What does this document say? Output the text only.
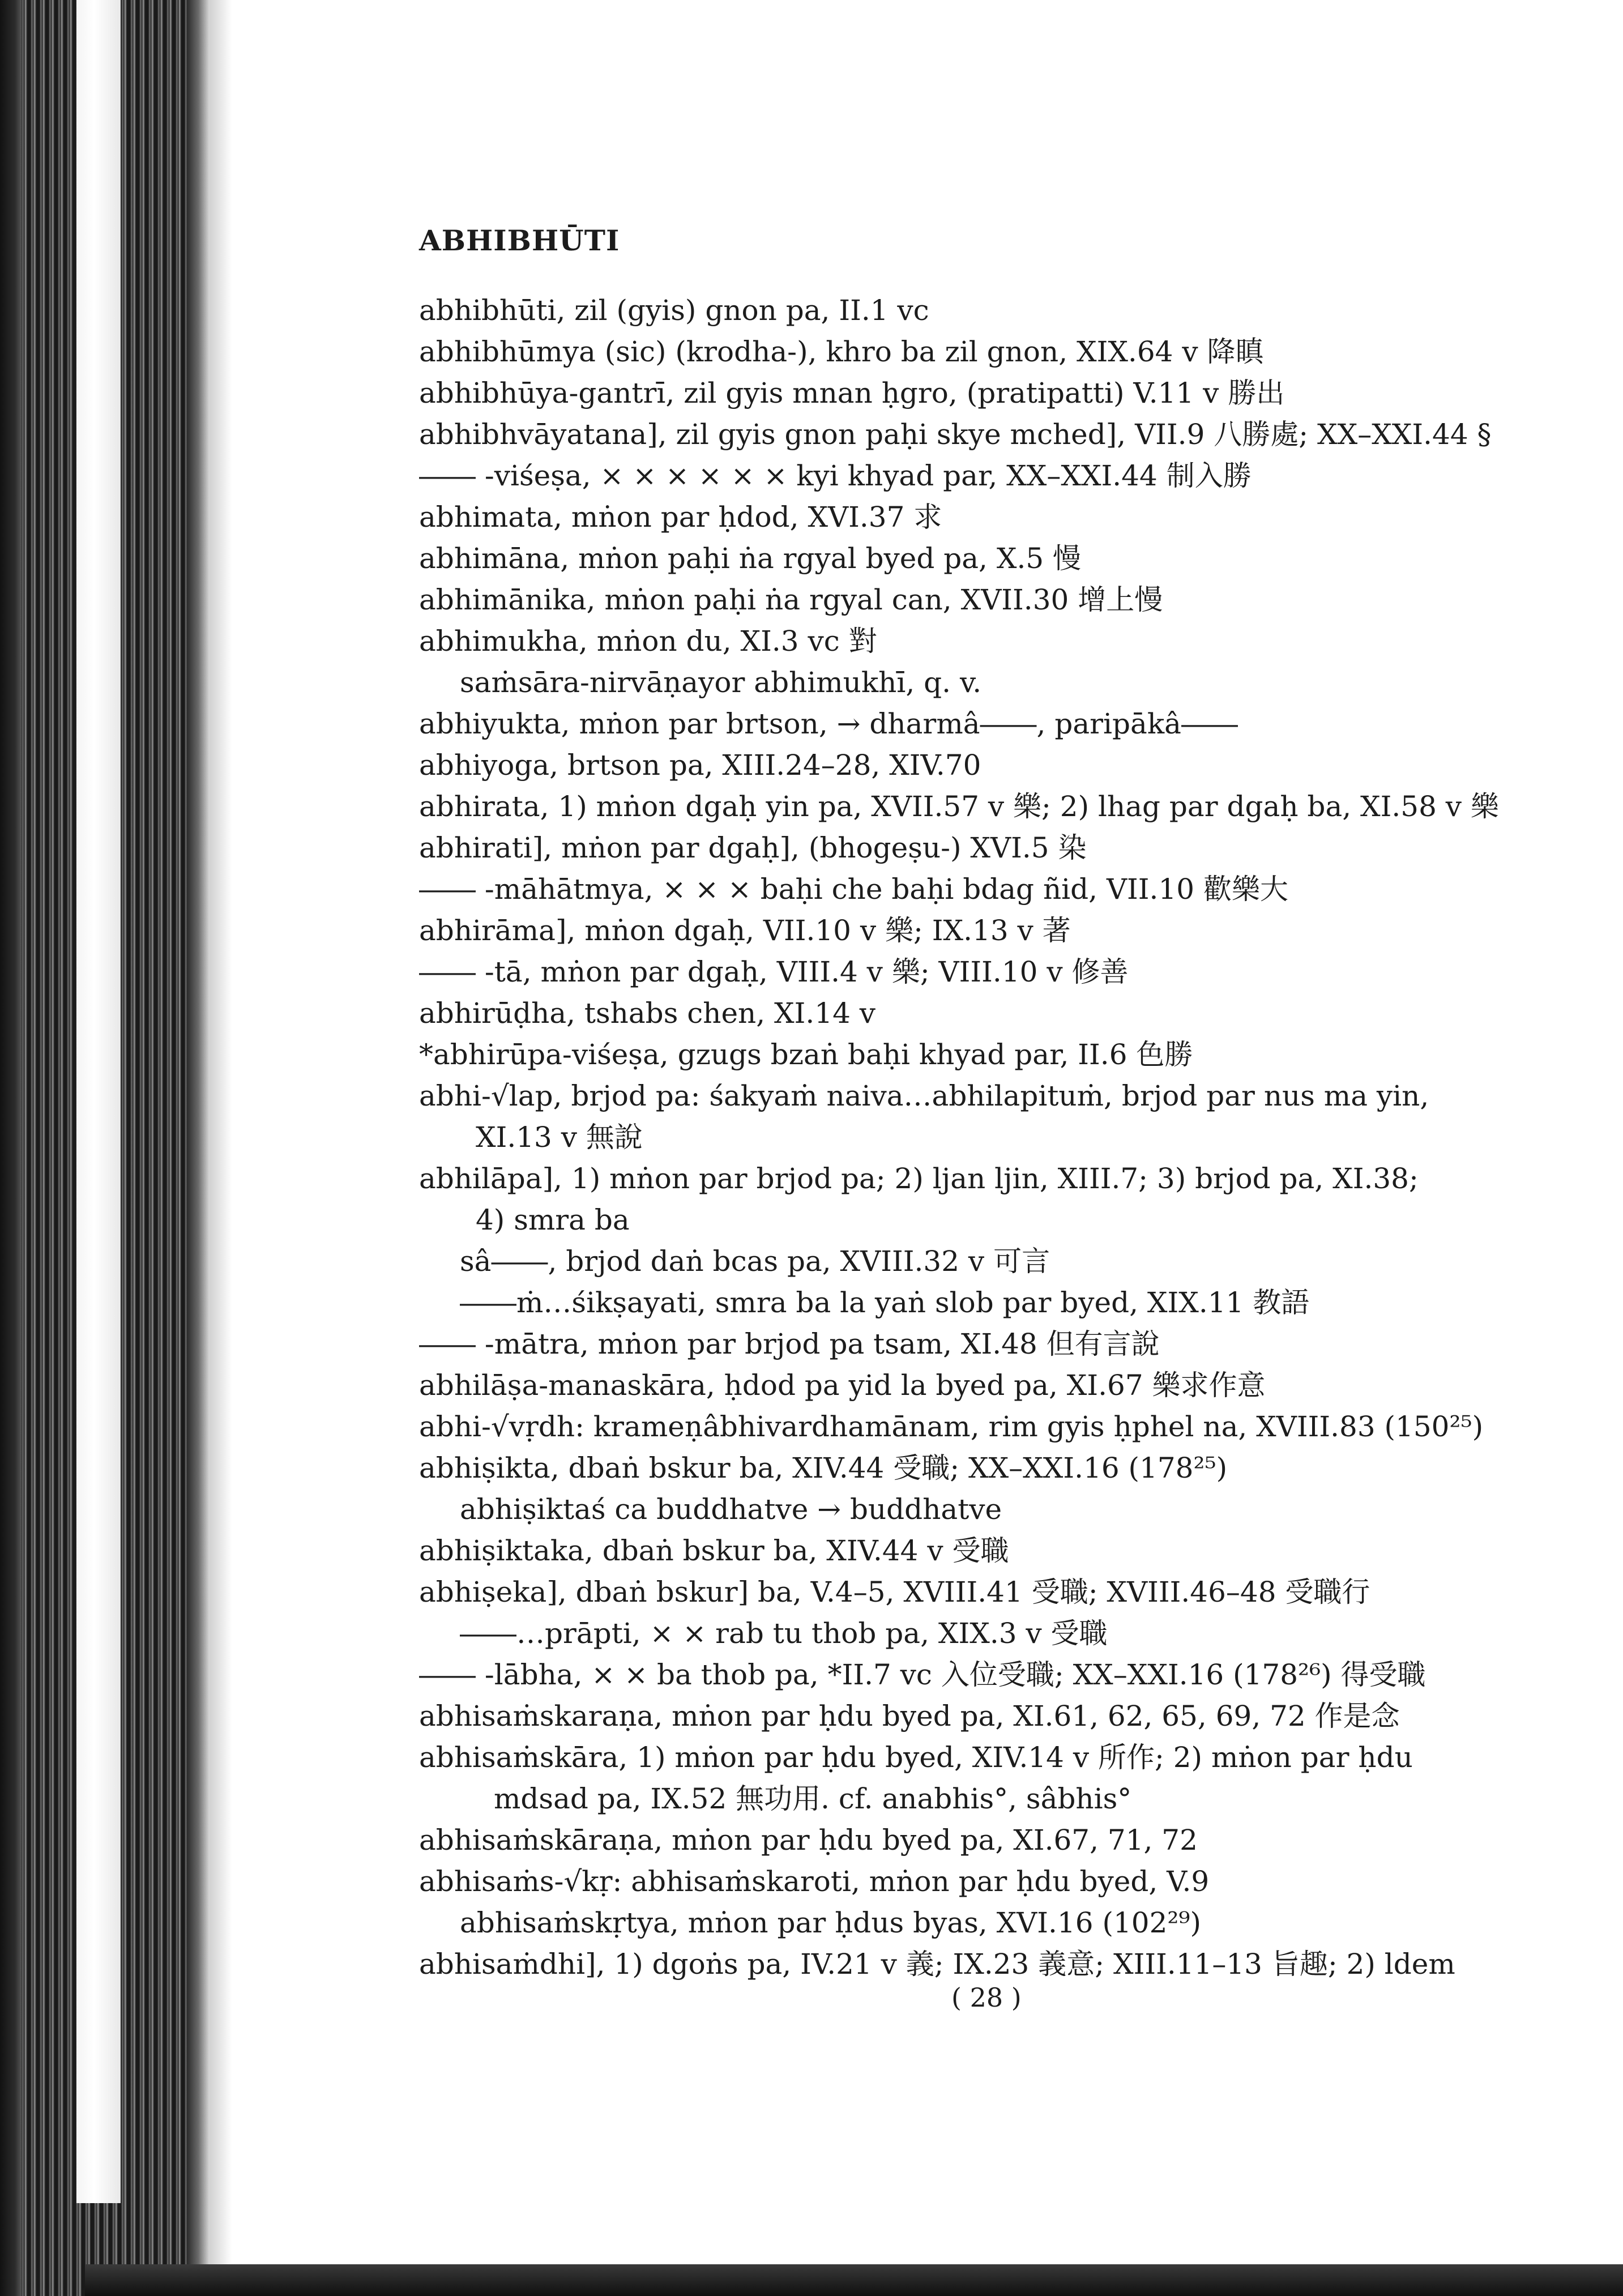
ABHIBHŪTI
abhibhūti, zil (gyis) gnon pa, II.1 vc
abhibhūmya (sic) (krodha-), khro ba zil gnon, XIX.64 v 降瞋
abhibhūya-gantrī, zil gyis mnan ḥgro, (pratipatti) V.11 v 勝出
abhibhvāyatana], zil gyis gnon paḥi skye mched], VII.9 八勝處; XX–XXI.44 §
―― -viśeṣa, × × × × × × kyi khyad par, XX–XXI.44 制入勝
abhimata, mṅon par ḥdod, XVI.37 求
abhimāna, mṅon paḥi ṅa rgyal byed pa, X.5 慢
abhimānika, mṅon paḥi ṅa rgyal can, XVII.30 增上慢
abhimukha, mṅon du, XI.3 vc 對
saṁsāra-nirvāṇayor abhimukhī, q. v.
abhiyukta, mṅon par brtson, → dharmâ――, paripākâ――
abhiyoga, brtson pa, XIII.24–28, XIV.70
abhirata, 1) mṅon dgaḥ yin pa, XVII.57 v 樂; 2) lhag par dgaḥ ba, XI.58 v 樂
abhirati], mṅon par dgaḥ], (bhogeṣu-) XVI.5 染
―― -māhātmya, × × × baḥi che baḥi bdag ñid, VII.10 歡樂大
abhirāma], mṅon dgaḥ, VII.10 v 樂; IX.13 v 著
―― -tā, mṅon par dgaḥ, VIII.4 v 樂; VIII.10 v 修善
abhirūḍha, tshabs chen, XI.14 v
*abhirūpa-viśeṣa, gzugs bzaṅ baḥi khyad par, II.6 色勝
abhi-√lap, brjod pa: śakyaṁ naiva…abhilapituṁ, brjod par nus ma yin,
XI.13 v 無說
abhilāpa], 1) mṅon par brjod pa; 2) ljan ljin, XIII.7; 3) brjod pa, XI.38;
4) smra ba
sâ――, brjod daṅ bcas pa, XVIII.32 v 可言
――ṁ…śikṣayati, smra ba la yaṅ slob par byed, XIX.11 教語
―― -mātra, mṅon par brjod pa tsam, XI.48 但有言說
abhilāṣa-manaskāra, ḥdod pa yid la byed pa, XI.67 樂求作意
abhi-√vṛdh: krameṇâbhivardhamānam, rim gyis ḥphel na, XVIII.83 (150²⁵)
abhiṣikta, dbaṅ bskur ba, XIV.44 受職; XX–XXI.16 (178²⁵)
abhiṣiktaś ca buddhatve → buddhatve
abhiṣiktaka, dbaṅ bskur ba, XIV.44 v 受職
abhiṣeka], dbaṅ bskur] ba, V.4–5, XVIII.41 受職; XVIII.46–48 受職行
――…prāpti, × × rab tu thob pa, XIX.3 v 受職
―― -lābha, × × ba thob pa, *II.7 vc 入位受職; XX–XXI.16 (178²⁶) 得受職
abhisaṁskaraṇa, mṅon par ḥdu byed pa, XI.61, 62, 65, 69, 72 作是念
abhisaṁskāra, 1) mṅon par ḥdu byed, XIV.14 v 所作; 2) mṅon par ḥdu
mdsad pa, IX.52 無功用. cf. anabhis°, sâbhis°
abhisaṁskāraṇa, mṅon par ḥdu byed pa, XI.67, 71, 72
abhisaṁs-√kṛ: abhisaṁskaroti, mṅon par ḥdu byed, V.9
abhisaṁskṛtya, mṅon par ḥdus byas, XVI.16 (102²⁹)
abhisaṁdhi], 1) dgoṅs pa, IV.21 v 義; IX.23 義意; XIII.11–13 旨趣; 2) ldem
( 28 )
